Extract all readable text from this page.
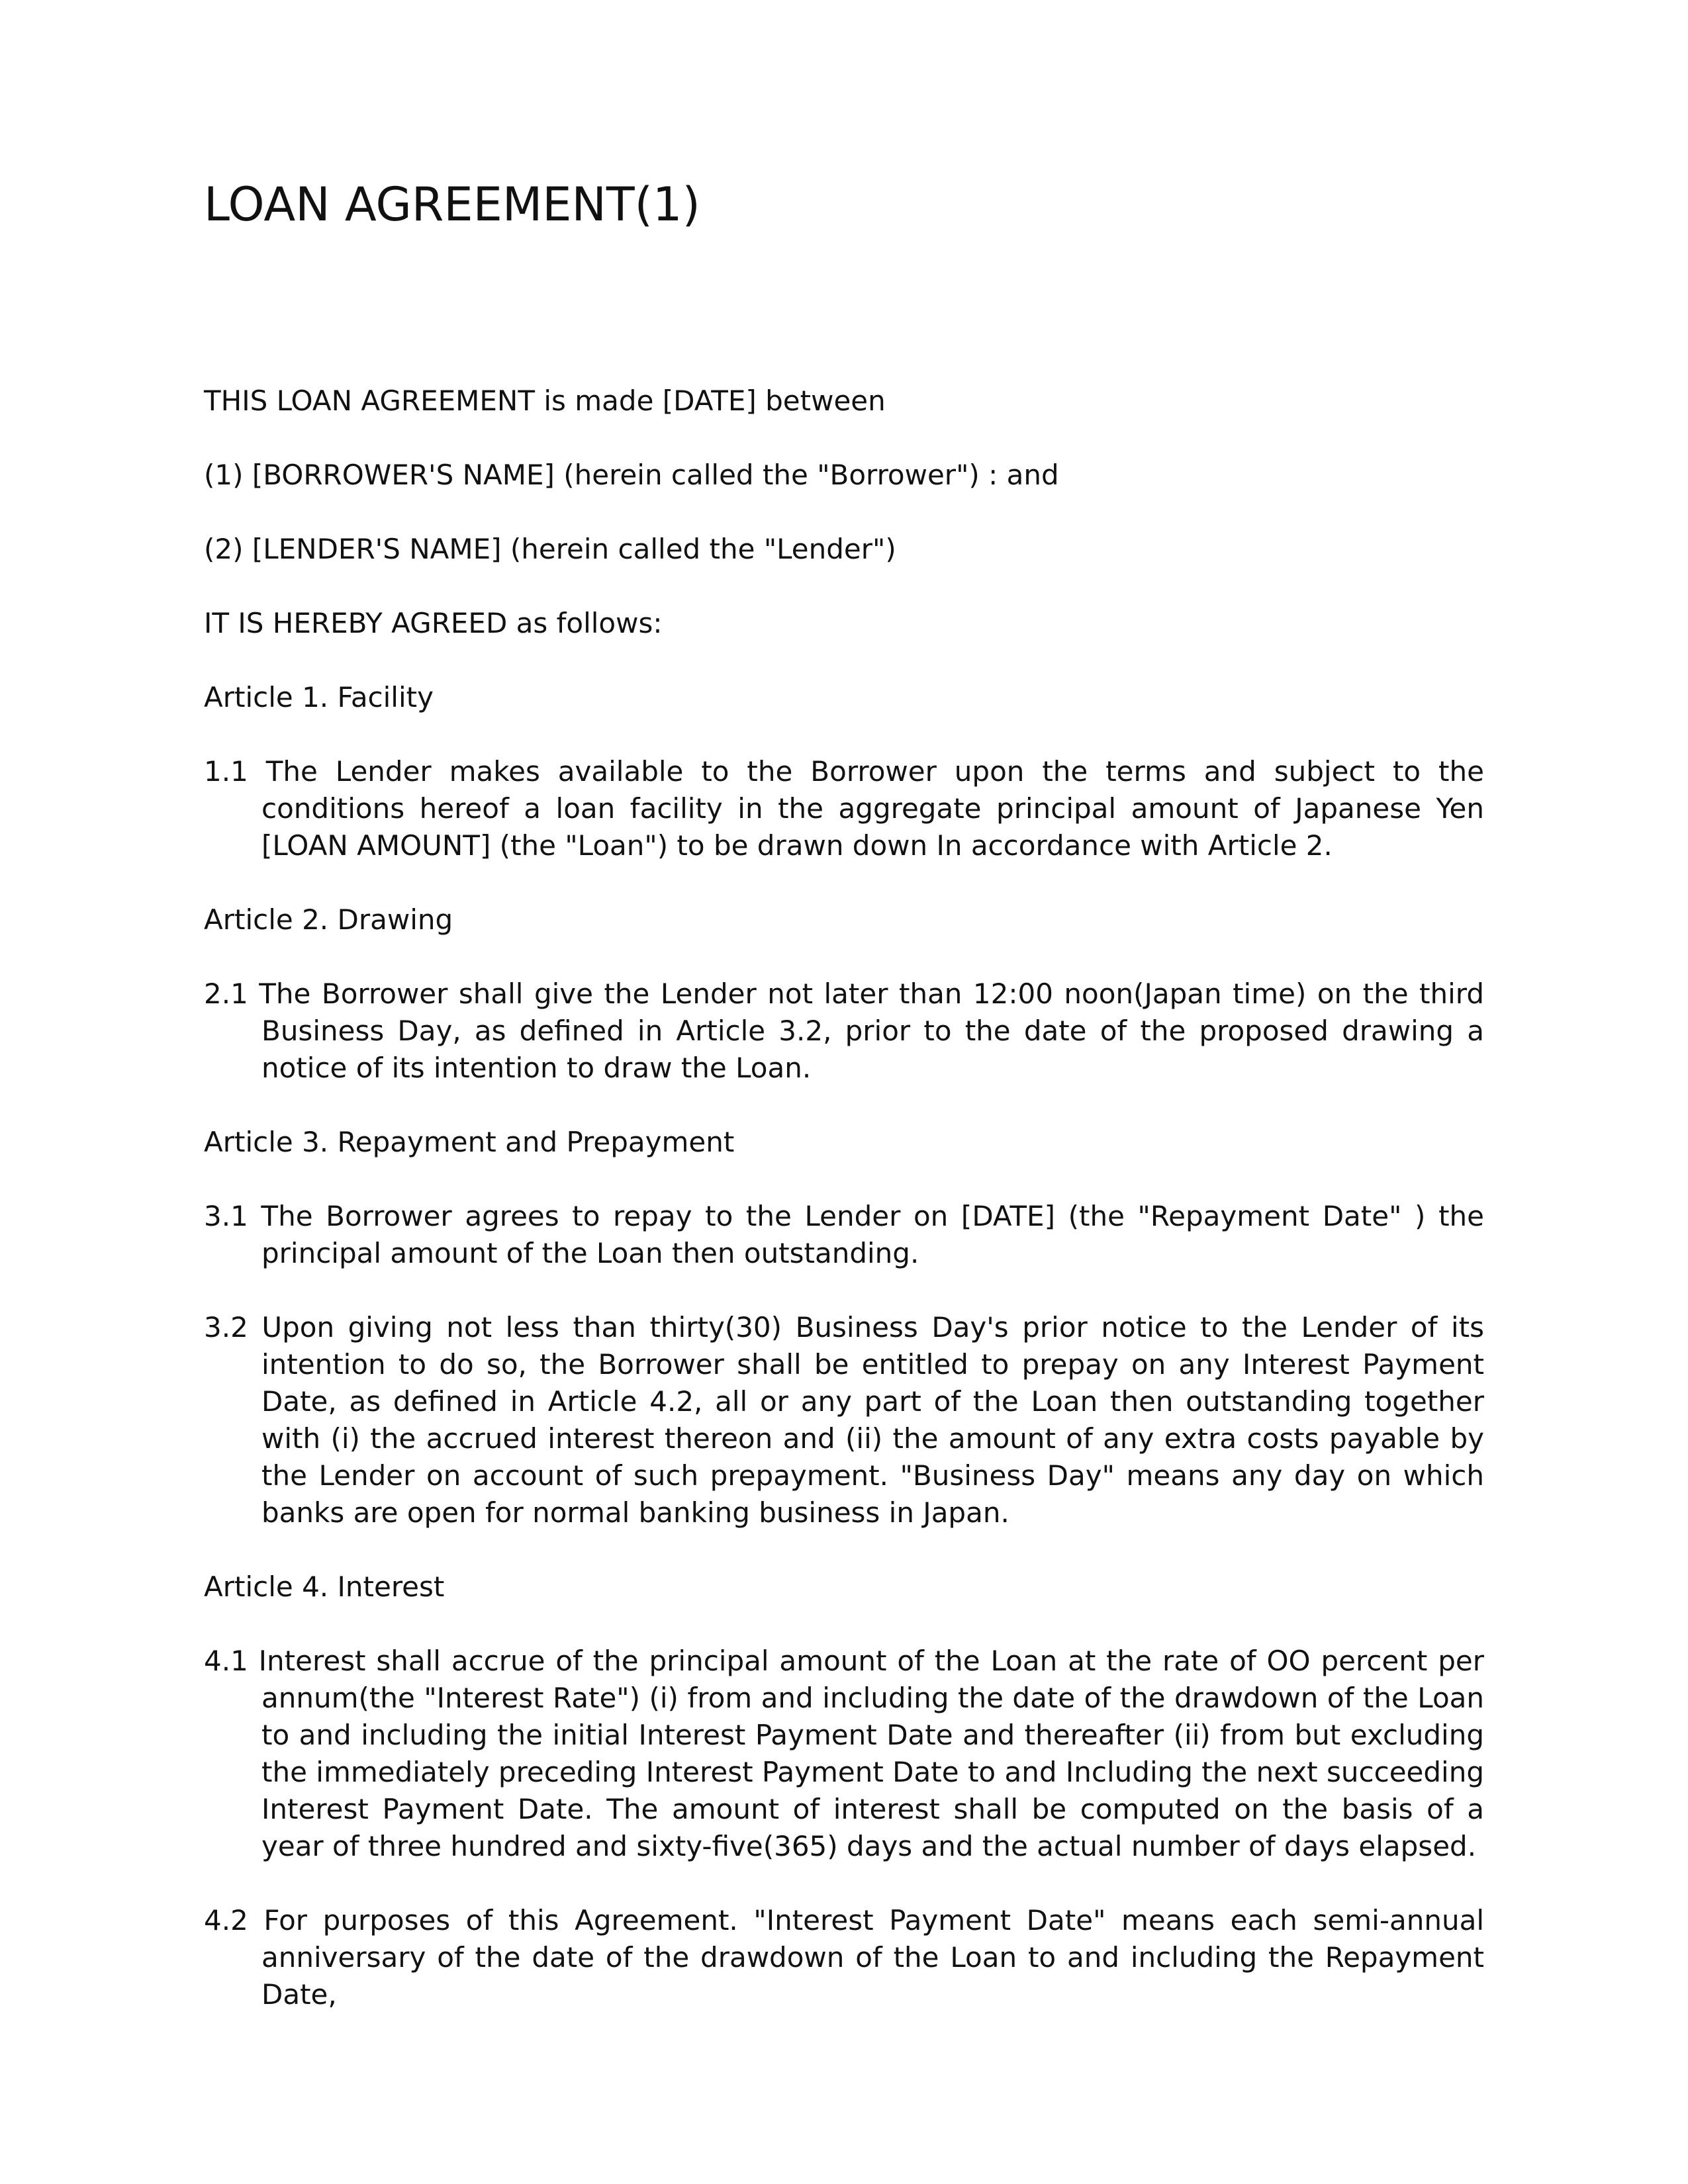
LOAN AGREEMENT(1)

THIS LOAN AGREEMENT is made [DATE] between

(1) [BORROWER'S NAME] (herein called the "Borrower") : and

(2) [LENDER'S NAME] (herein called the "Lender")

IT IS HEREBY AGREED as follows:

Article 1. Facility

1.1 The Lender makes available to the Borrower upon the terms and subject to the conditions hereof a loan facility in the aggregate principal amount of Japanese Yen [LOAN AMOUNT] (the "Loan") to be drawn down In accordance with Article 2.

Article 2. Drawing

2.1 The Borrower shall give the Lender not later than 12:00 noon(Japan time) on the third Business Day, as defined in Article 3.2, prior to the date of the proposed drawing a notice of its intention to draw the Loan.

Article 3. Repayment and Prepayment

3.1 The Borrower agrees to repay to the Lender on [DATE] (the "Repayment Date" ) the principal amount of the Loan then outstanding.

3.2 Upon giving not less than thirty(30) Business Day's prior notice to the Lender of its intention to do so, the Borrower shall be entitled to prepay on any Interest Payment Date, as defined in Article 4.2, all or any part of the Loan then outstanding together with (i) the accrued interest thereon and (ii) the amount of any extra costs payable by the Lender on account of such prepayment. "Business Day" means any day on which banks are open for normal banking business in Japan.

Article 4. Interest

4.1 Interest shall accrue of the principal amount of the Loan at the rate of OO percent per annum(the "Interest Rate") (i) from and including the date of the drawdown of the Loan to and including the initial Interest Payment Date and thereafter (ii) from but excluding the immediately preceding Interest Payment Date to and Including the next succeeding Interest Payment Date. The amount of interest shall be computed on the basis of a year of three hundred and sixty-five(365) days and the actual number of days elapsed.

4.2 For purposes of this Agreement. "Interest Payment Date" means each semi-annual anniversary of the date of the drawdown of the Loan to and including the Repayment Date,
